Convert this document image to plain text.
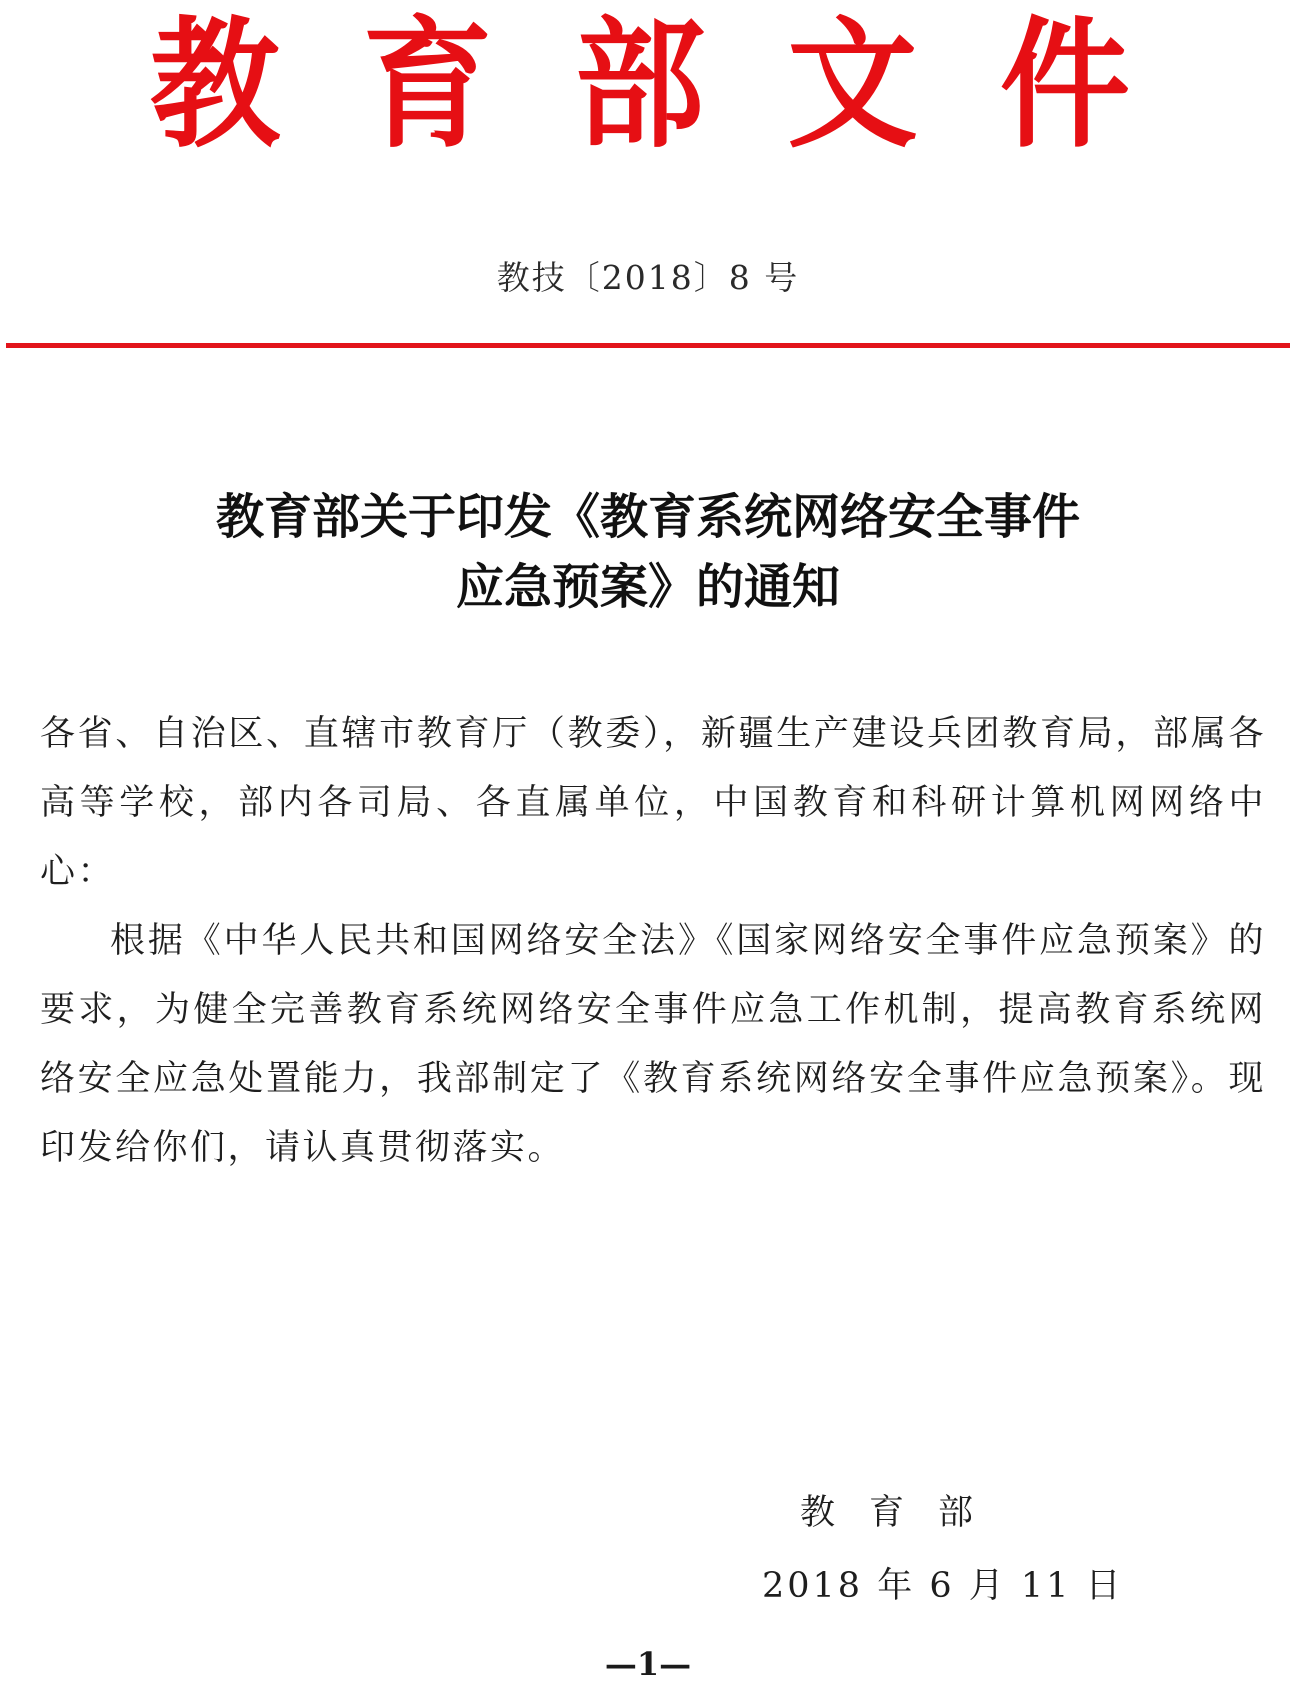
教 育 部 文 件
教技〔2018〕8 号
教育部关于印发《教育系统网络安全事件
应急预案》的通知

各省、自治区、直辖市教育厅（教委），新疆生产建设兵团教育局，部属各高等学校，部内各司局、各直属单位，中国教育和科研计算机网网络中心：

根据《中华人民共和国网络安全法》《国家网络安全事件应急预案》的要求，为健全完善教育系统网络安全事件应急工作机制，提高教育系统网络安全应急处置能力，我部制定了《教育系统网络安全事件应急预案》。现印发给你们，请认真贯彻落实。

教育部
2018 年 6 月 11 日
—1—
